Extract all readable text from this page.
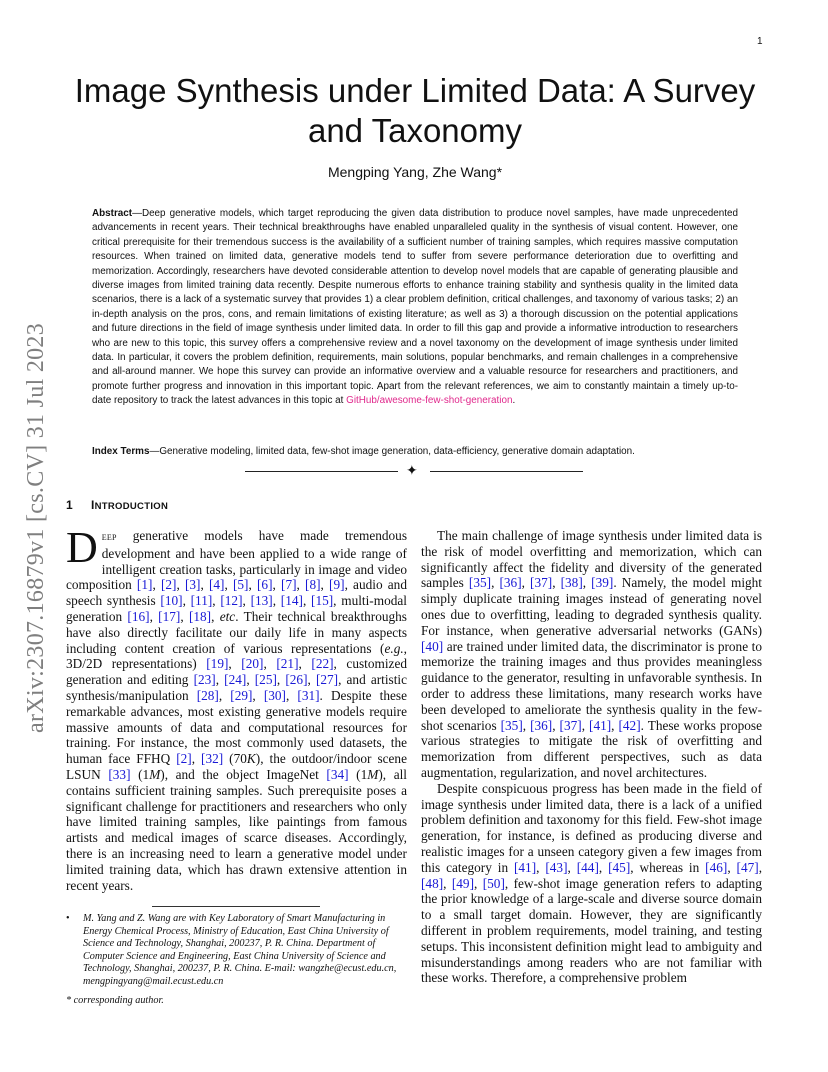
1
arXiv:2307.16879v1 [cs.CV] 31 Jul 2023
Image Synthesis under Limited Data: A Survey and Taxonomy
Mengping Yang, Zhe Wang*

Abstract—Deep generative models, which target reproducing the given data distribution to produce novel samples, have made unprecedented advancements in recent years. Their technical breakthroughs have enabled unparalleled quality in the synthesis of visual content. However, one critical prerequisite for their tremendous success is the availability of a sufficient number of training samples, which requires massive computation resources. When trained on limited data, generative models tend to suffer from severe performance deterioration due to overfitting and memorization. Accordingly, researchers have devoted considerable attention to develop novel models that are capable of generating plausible and diverse images from limited training data recently. Despite numerous efforts to enhance training stability and synthesis quality in the limited data scenarios, there is a lack of a systematic survey that provides 1) a clear problem definition, critical challenges, and taxonomy of various tasks; 2) an in-depth analysis on the pros, cons, and remain limitations of existing literature; as well as 3) a thorough discussion on the potential applications and future directions in the field of image synthesis under limited data. In order to fill this gap and provide a informative introduction to researchers who are new to this topic, this survey offers a comprehensive review and a novel taxonomy on the development of image synthesis under limited data. In particular, it covers the problem definition, requirements, main solutions, popular benchmarks, and remain challenges in a comprehensive and all-around manner. We hope this survey can provide an informative overview and a valuable resource for researchers and practitioners, and promote further progress and innovation in this important topic. Apart from the relevant references, we aim to constantly maintain a timely up-to-date repository to track the latest advances in this topic at GitHub/awesome-few-shot-generation.

Index Terms—Generative modeling, limited data, few-shot image generation, data-efficiency, generative domain adaptation.

✦
1 INTRODUCTION

Deep generative models have made tremendous development and have been applied to a wide range of intelligent creation tasks, particularly in image and video composition [1], [2], [3], [4], [5], [6], [7], [8], [9], audio and speech synthesis [10], [11], [12], [13], [14], [15], multi-modal generation [16], [17], [18], etc. Their technical breakthroughs have also directly facilitate our daily life in many aspects including content creation of various representations (e.g., 3D/2D representations) [19], [20], [21], [22], customized generation and editing [23], [24], [25], [26], [27], and artistic synthesis/manipulation [28], [29], [30], [31]. Despite these remarkable advances, most existing generative models require massive amounts of data and computational resources for training. For instance, the most commonly used datasets, the human face FFHQ [2], [32] (70K), the outdoor/indoor scene LSUN [33] (1M), and the object ImageNet [34] (1M), all contains sufficient training samples. Such prerequisite poses a significant challenge for practitioners and researchers who only have limited training samples, like paintings from famous artists and medical images of scarce diseases. Accordingly, there is an increasing need to learn a generative model under limited training data, which has drawn extensive attention in recent years.

The main challenge of image synthesis under limited data is the risk of model overfitting and memorization, which can significantly affect the fidelity and diversity of the generated samples [35], [36], [37], [38], [39]. Namely, the model might simply duplicate training images instead of generating novel ones due to overfitting, leading to degraded synthesis quality. For instance, when generative adversarial networks (GANs) [40] are trained under limited data, the discriminator is prone to memorize the training images and thus provides meaningless guidance to the generator, resulting in unfavorable synthesis. In order to address these limitations, many research works have been developed to ameliorate the synthesis quality in the few-shot scenarios [35], [36], [37], [41], [42]. These works propose various strategies to mitigate the risk of overfitting and memorization from different perspectives, such as data augmentation, regularization, and novel architectures.

Despite conspicuous progress has been made in the field of image synthesis under limited data, there is a lack of a unified problem definition and taxonomy for this field. Few-shot image generation, for instance, is defined as producing diverse and realistic images for a unseen category given a few images from this category in [41], [43], [44], [45], whereas in [46], [47], [48], [49], [50], few-shot image generation refers to adapting the prior knowledge of a large-scale and diverse source domain to a small target domain. However, they are significantly different in problem requirements, model training, and testing setups. This inconsistent definition might lead to ambiguity and misunderstandings among readers who are not familiar with these works. Therefore, a comprehensive problem

•	M. Yang and Z. Wang are with Key Laboratory of Smart Manufacturing in Energy Chemical Process, Ministry of Education, East China University of Science and Technology, Shanghai, 200237, P. R. China. Department of Computer Science and Engineering, East China University of Science and Technology, Shanghai, 200237, P. R. China. E-mail: wangzhe@ecust.edu.cn, mengpingyang@mail.ecust.edu.cn
* corresponding author.
